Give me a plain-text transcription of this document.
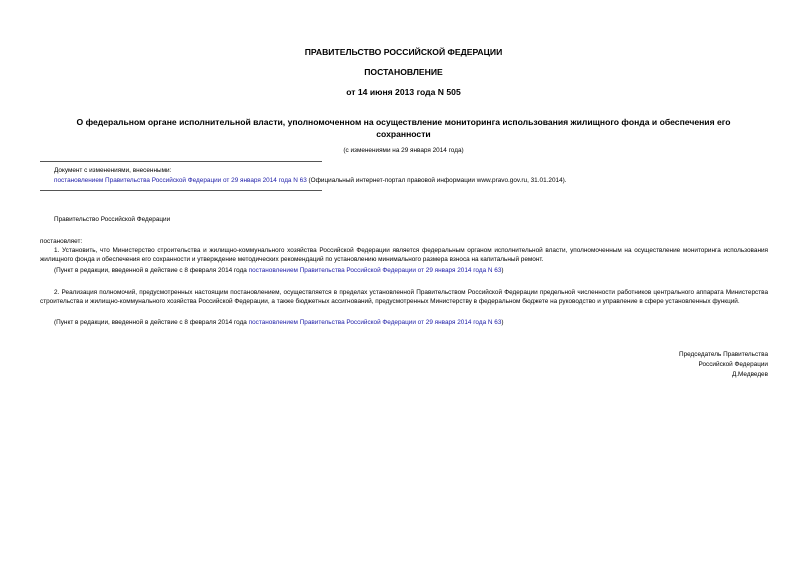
ПРАВИТЕЛЬСТВО РОССИЙСКОЙ ФЕДЕРАЦИИ
ПОСТАНОВЛЕНИЕ
от 14 июня 2013 года N 505
О федеральном органе исполнительной власти, уполномоченном на осуществление мониторинга использования жилищного фонда и обеспечения его сохранности
(с изменениями на 29 января 2014 года)
Документ с изменениями, внесенными:
постановлением Правительства Российской Федерации от 29 января 2014 года N 63 (Официальный интернет-портал правовой информации www.pravo.gov.ru, 31.01.2014).
Правительство Российской Федерации
постановляет:
1. Установить, что Министерство строительства и жилищно-коммунального хозяйства Российской Федерации является федеральным органом исполнительной власти, уполномоченным на осуществление мониторинга использования жилищного фонда и обеспечения его сохранности и утверждение методических рекомендаций по установлению минимального размера взноса на капитальный ремонт.
(Пункт в редакции, введенной в действие с 8 февраля 2014 года постановлением Правительства Российской Федерации от 29 января 2014 года N 63)
2. Реализация полномочий, предусмотренных настоящим постановлением, осуществляется в пределах установленной Правительством Российской Федерации предельной численности работников центрального аппарата Министерства строительства и жилищно-коммунального хозяйства Российской Федерации, а также бюджетных ассигнований, предусмотренных Министерству в федеральном бюджете на руководство и управление в сфере установленных функций.
(Пункт в редакции, введенной в действие с 8 февраля 2014 года постановлением Правительства Российской Федерации от 29 января 2014 года N 63)
Председатель Правительства
Российской Федерации
Д.Медведев
